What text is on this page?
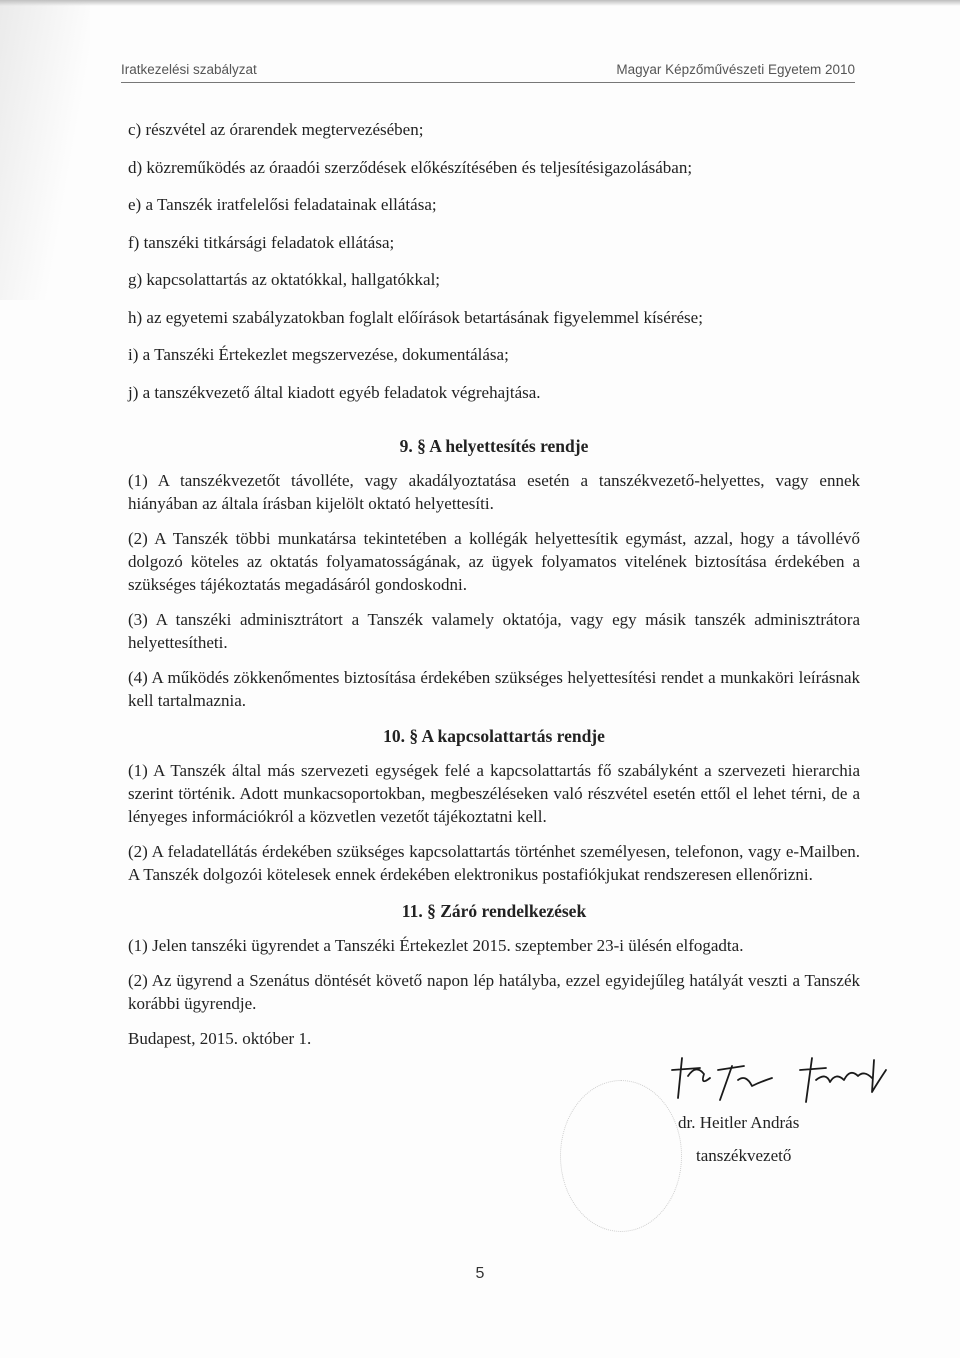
Iratkezelési szabályzat	Magyar Képzőművészeti Egyetem 2010
c) részvétel az órarendek megtervezésében;
d) közreműködés az óraadói szerződések előkészítésében és teljesítésigazolásában;
e) a Tanszék iratfelelősi feladatainak ellátása;
f) tanszéki titkársági feladatok ellátása;
g) kapcsolattartás az oktatókkal, hallgatókkal;
h) az egyetemi szabályzatokban foglalt előírások betartásának figyelemmel kísérése;
i) a Tanszéki Értekezlet megszervezése, dokumentálása;
j) a tanszékvezető által kiadott egyéb feladatok végrehajtása.
9. § A helyettesítés rendje

(1) A tanszékvezetőt távolléte, vagy akadályoztatása esetén a tanszékvezető-helyettes, vagy ennek hiányában az általa írásban kijelölt oktató helyettesíti.

(2) A Tanszék többi munkatársa tekintetében a kollégák helyettesítik egymást, azzal, hogy a távollévő dolgozó köteles az oktatás folyamatosságának, az ügyek folyamatos vitelének biztosítása érdekében a szükséges tájékoztatás megadásáról gondoskodni.

(3) A tanszéki adminisztrátort a Tanszék valamely oktatója, vagy egy másik tanszék adminisztrátora helyettesítheti.

(4) A működés zökkenőmentes biztosítása érdekében szükséges helyettesítési rendet a munkaköri leírásnak kell tartalmaznia.

10. § A kapcsolattartás rendje

(1) A Tanszék által más szervezeti egységek felé a kapcsolattartás fő szabályként a szervezeti hierarchia szerint történik. Adott munkacsoportokban, megbeszéléseken való részvétel esetén ettől el lehet térni, de a lényeges információkról a közvetlen vezetőt tájékoztatni kell.

(2) A feladatellátás érdekében szükséges kapcsolattartás történhet személyesen, telefonon, vagy e-Mailben. A Tanszék dolgozói kötelesek ennek érdekében elektronikus postafiókjukat rendszeresen ellenőrizni.

11. § Záró rendelkezések

(1) Jelen tanszéki ügyrendet a Tanszéki Értekezlet 2015. szeptember 23-i ülésén elfogadta.

(2) Az ügyrend a Szenátus döntését követő napon lép hatályba, ezzel egyidejűleg hatályát veszti a Tanszék korábbi ügyrendje.

Budapest, 2015. október 1.

dr. Heitler András
tanszékvezető
5
